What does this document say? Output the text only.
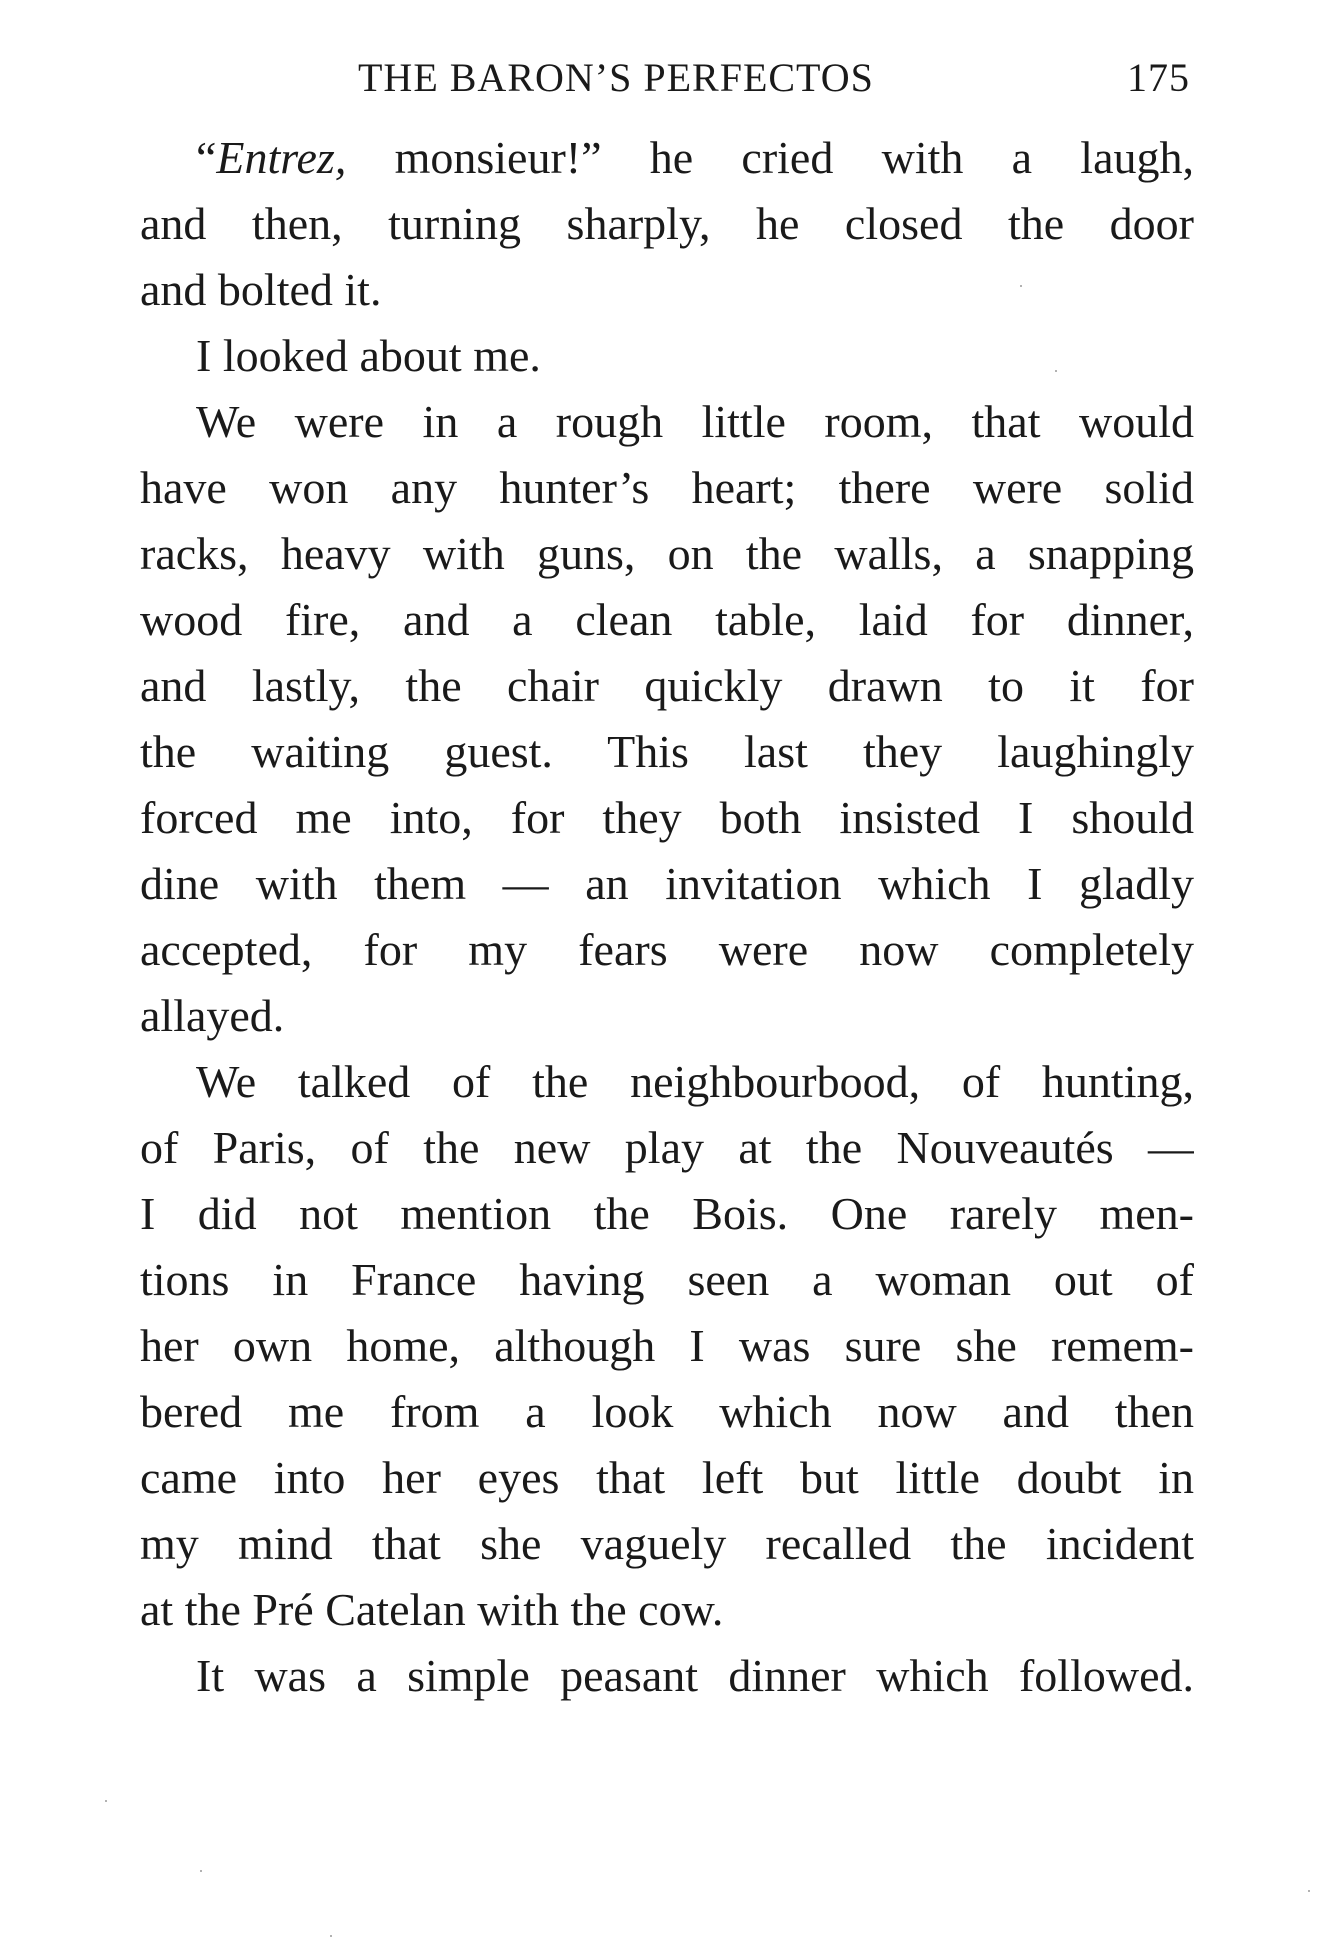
THE BARON’S PERFECTOS	175
“Entrez, monsieur!” he cried with a laugh,
and then, turning sharply, he closed the door
and bolted it.
I looked about me.
We were in a rough little room, that would
have won any hunter’s heart; there were solid
racks, heavy with guns, on the walls, a snapping
wood fire, and a clean table, laid for dinner,
and lastly, the chair quickly drawn to it for
the waiting guest. This last they laughingly
forced me into, for they both insisted I should
dine with them — an invitation which I gladly
accepted, for my fears were now completely
allayed.
We talked of the neighbourbood, of hunting,
of Paris, of the new play at the Nouveautés —
I did not mention the Bois. One rarely men-
tions in France having seen a woman out of
her own home, although I was sure she remem-
bered me from a look which now and then
came into her eyes that left but little doubt in
my mind that she vaguely recalled the incident
at the Pré Catelan with the cow.
It was a simple peasant dinner which followed.
